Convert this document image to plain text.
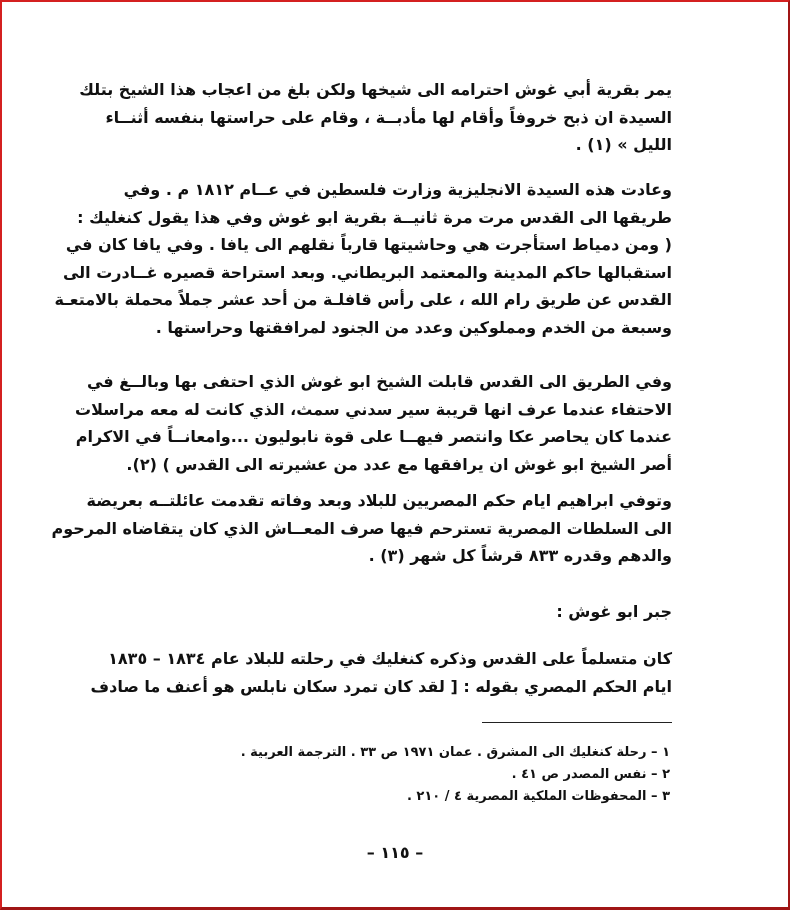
يمر بقرية أبي غوش احترامه الى شيخها ولكن بلغ من اعجاب هذا الشيخ بتلك
السيدة ان ذبح خروفاً وأقام لها مأدبــة ، وقام على حراستها بنفسه أثنــاء
الليل » (١) .
وعادت هذه السيدة الانجليزية وزارت فلسطين في عــام ١٨١٢ م . وفي
طريقها الى القدس مرت مرة ثانيــة بقرية ابو غوش وفي هذا يقول كنغليك :
( ومن دمياط استأجرت هي وحاشيتها قارباً نقلهم الى يافا . وفي يافا كان في
استقبالها حاكم المدينة والمعتمد البريطاني. وبعد استراحة قصيره غــادرت الى
القدس عن طريق رام الله ، على رأس قافلـة من أحد عشر جملاً محملة بالامتعـة
وسبعة من الخدم ومملوكين وعدد من الجنود لمرافقتها وحراستها .
وفي الطريق الى القدس قابلت الشيخ ابو غوش الذي احتفى بها وبالــغ في
الاحتفاء عندما عرف انها قريبة سير سدني سمث، الذي كانت له معه مراسلات
عندما كان يحاصر عكا وانتصر فيهــا على قوة نابوليون ...وامعانــاً في الاكرام
أصر الشيخ ابو غوش ان يرافقها مع عدد من عشيرته الى القدس ) (٢).
وتوفي ابراهيم ايام حكم المصريين للبلاد وبعد وفاته تقدمت عائلتــه بعريضة
الى السلطات المصرية تسترحم فيها صرف المعــاش الذي كان يتقاضاه المرحوم
والدهم وقدره ٨٣٣ قرشاً كل شهر (٣) .
جبر ابو غوش :
كان متسلماً على القدس وذكره كنغليك في رحلته للبلاد عام ١٨٣٤ – ١٨٣٥
ايام الحكم المصري بقوله : [ لقد كان تمرد سكان نابلس هو أعنف ما صادف
١ – رحلة كنغليك الى المشرق . عمان ١٩٧١ ص ٣٣ . الترجمة العربية .
٢ – نفس المصدر ص ٤١ .
٣ – المحفوظات الملكية المصرية ٤ / ٢١٠ .
– ١١٥ –
